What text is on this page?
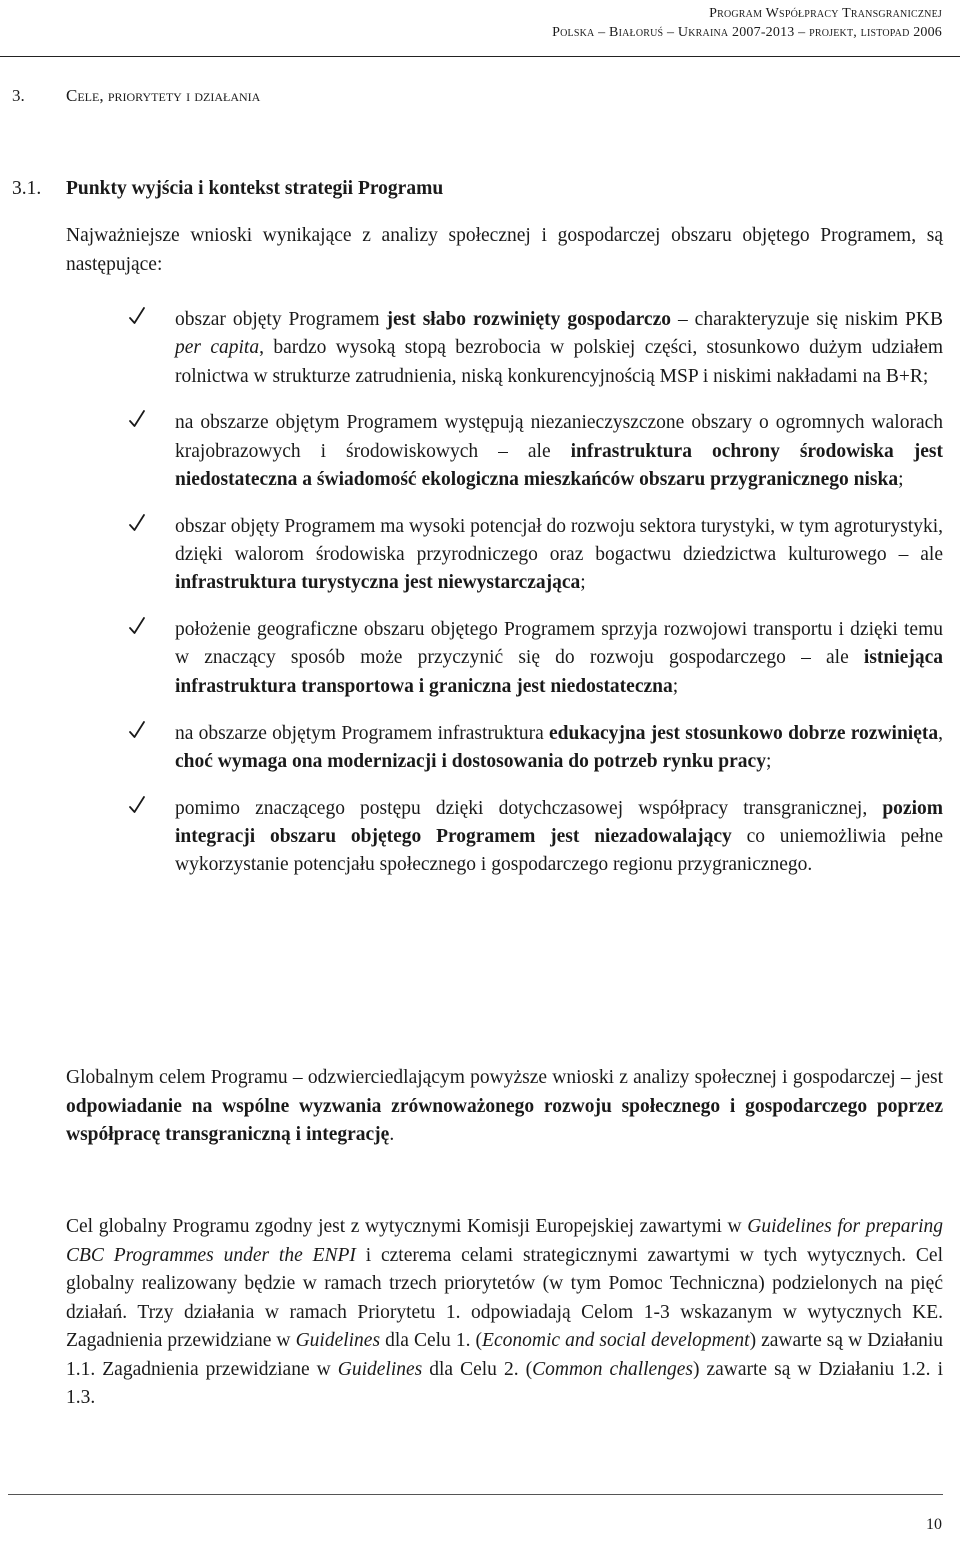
Program Współpracy Transgranicznej
Polska – Białoruś – Ukraina 2007-2013 – projekt, listopad 2006
3. Cele, priorytety i działania
3.1. Punkty wyjścia i kontekst strategii Programu

Najważniejsze wnioski wynikające z analizy społecznej i gospodarczej obszaru objętego Programem, są następujące:

obszar objęty Programem jest słabo rozwinięty gospodarczo – charakteryzuje się niskim PKB per capita, bardzo wysoką stopą bezrobocia w polskiej części, stosunkowo dużym udziałem rolnictwa w strukturze zatrudnienia, niską konkurencyjnością MSP i niskimi nakładami na B+R;
na obszarze objętym Programem występują niezanieczyszczone obszary o ogromnych walorach krajobrazowych i środowiskowych – ale infrastruktura ochrony środowiska jest niedostateczna a świadomość ekologiczna mieszkańców obszaru przygranicznego niska;
obszar objęty Programem ma wysoki potencjał do rozwoju sektora turystyki, w tym agroturystyki, dzięki walorom środowiska przyrodniczego oraz bogactwu dziedzictwa kulturowego – ale infrastruktura turystyczna jest niewystarczająca;
położenie geograficzne obszaru objętego Programem sprzyja rozwojowi transportu i dzięki temu w znaczący sposób może przyczynić się do rozwoju gospodarczego – ale istniejąca infrastruktura transportowa i graniczna jest niedostateczna;
na obszarze objętym Programem infrastruktura edukacyjna jest stosunkowo dobrze rozwinięta, choć wymaga ona modernizacji i dostosowania do potrzeb rynku pracy;
pomimo znaczącego postępu dzięki dotychczasowej współpracy transgranicznej, poziom integracji obszaru objętego Programem jest niezadowalający co uniemożliwia pełne wykorzystanie potencjału społecznego i gospodarczego regionu przygranicznego.

Globalnym celem Programu – odzwierciedlającym powyższe wnioski z analizy społecznej i gospodarczej – jest odpowiadanie na wspólne wyzwania zrównoważonego rozwoju społecznego i gospodarczego poprzez współpracę transgraniczną i integrację.

Cel globalny Programu zgodny jest z wytycznymi Komisji Europejskiej zawartymi w Guidelines for preparing CBC Programmes under the ENPI i czterema celami strategicznymi zawartymi w tych wytycznych. Cel globalny realizowany będzie w ramach trzech priorytetów (w tym Pomoc Techniczna) podzielonych na pięć działań. Trzy działania w ramach Priorytetu 1. odpowiadają Celom 1-3 wskazanym w wytycznych KE. Zagadnienia przewidziane w Guidelines dla Celu 1. (Economic and social development) zawarte są w Działaniu 1.1. Zagadnienia przewidziane w Guidelines dla Celu 2. (Common challenges) zawarte są w Działaniu 1.2. i 1.3.

10
